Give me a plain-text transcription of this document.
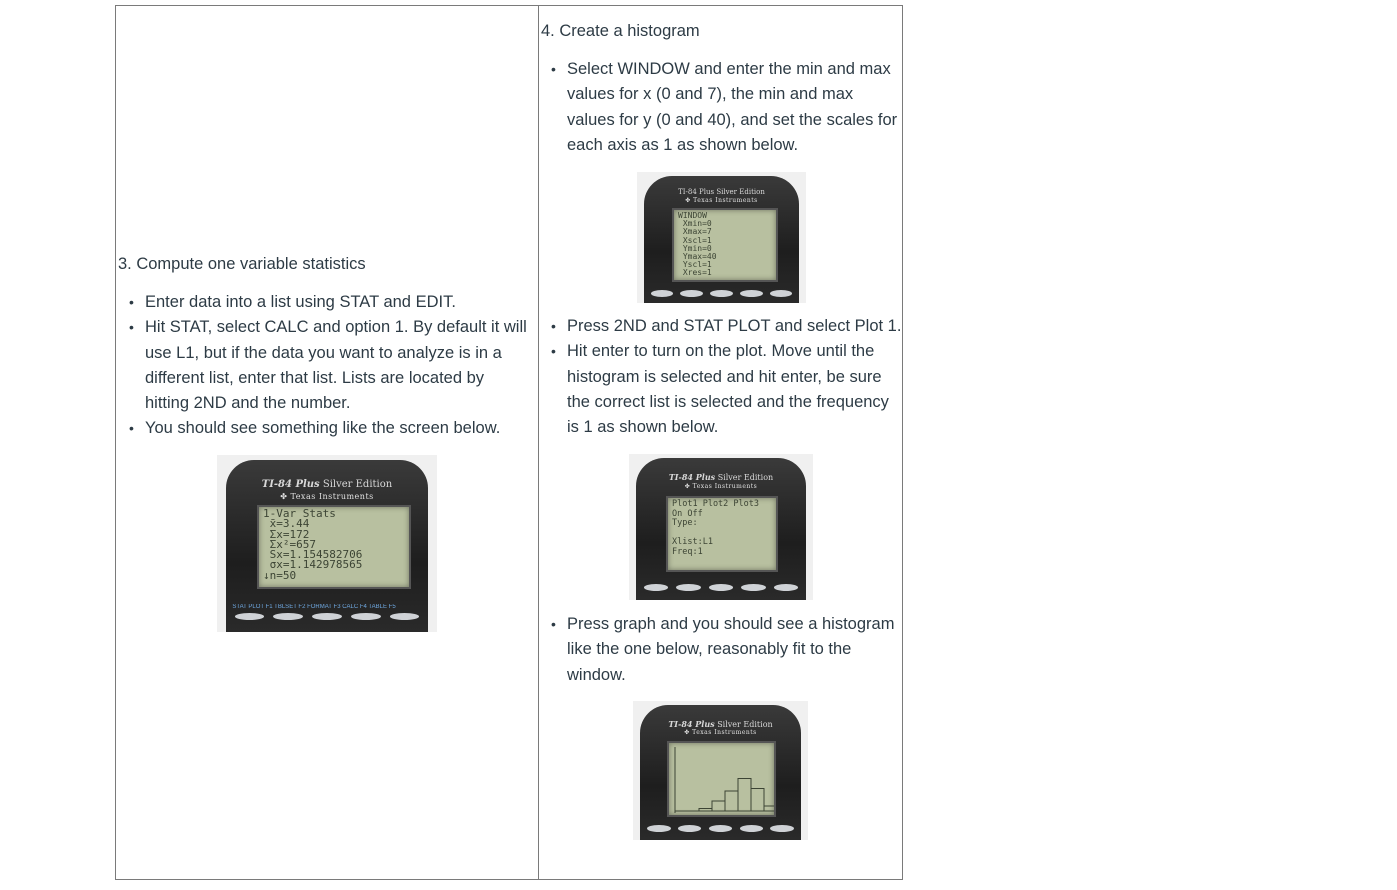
3. Compute one variable statistics
• Enter data into a list using STAT and EDIT.
• Hit STAT, select CALC and option 1. By default it will
use L1, but if the data you want to analyze is in a
different list, enter that list. Lists are located by
hitting 2ND and the number.
• You should see something like the screen below.
TI-84 Plus Silver Edition
✤ Texas Instruments
1-Var Stats
x̄=3.44
Σx=172
Σx²=657
Sx=1.154582706
σx=1.142978565
↓n=50
STAT PLOT F1 TBLSET F2 FORMAT F3 CALC F4 TABLE F5
4. Create a histogram
• Select WINDOW and enter the min and max
values for x (0 and 7), the min and max
values for y (0 and 40), and set the scales for
each axis as 1 as shown below.
TI-84 Plus Silver Edition
✤ Texas Instruments
WINDOW
Xmin=0
Xmax=7
Xscl=1
Ymin=0
Ymax=40
Yscl=1
Xres=1
• Press 2ND and STAT PLOT and select Plot 1.
• Hit enter to turn on the plot. Move until the
histogram is selected and hit enter, be sure
the correct list is selected and the frequency
is 1 as shown below.
TI-84 Plus Silver Edition
✤ Texas Instruments
Plot1 Plot2 Plot3
On Off
Type:

Xlist:L1
Freq:1
• Press graph and you should see a histogram
like the one below, reasonably fit to the
window.
TI-84 Plus Silver Edition
✤ Texas Instruments
